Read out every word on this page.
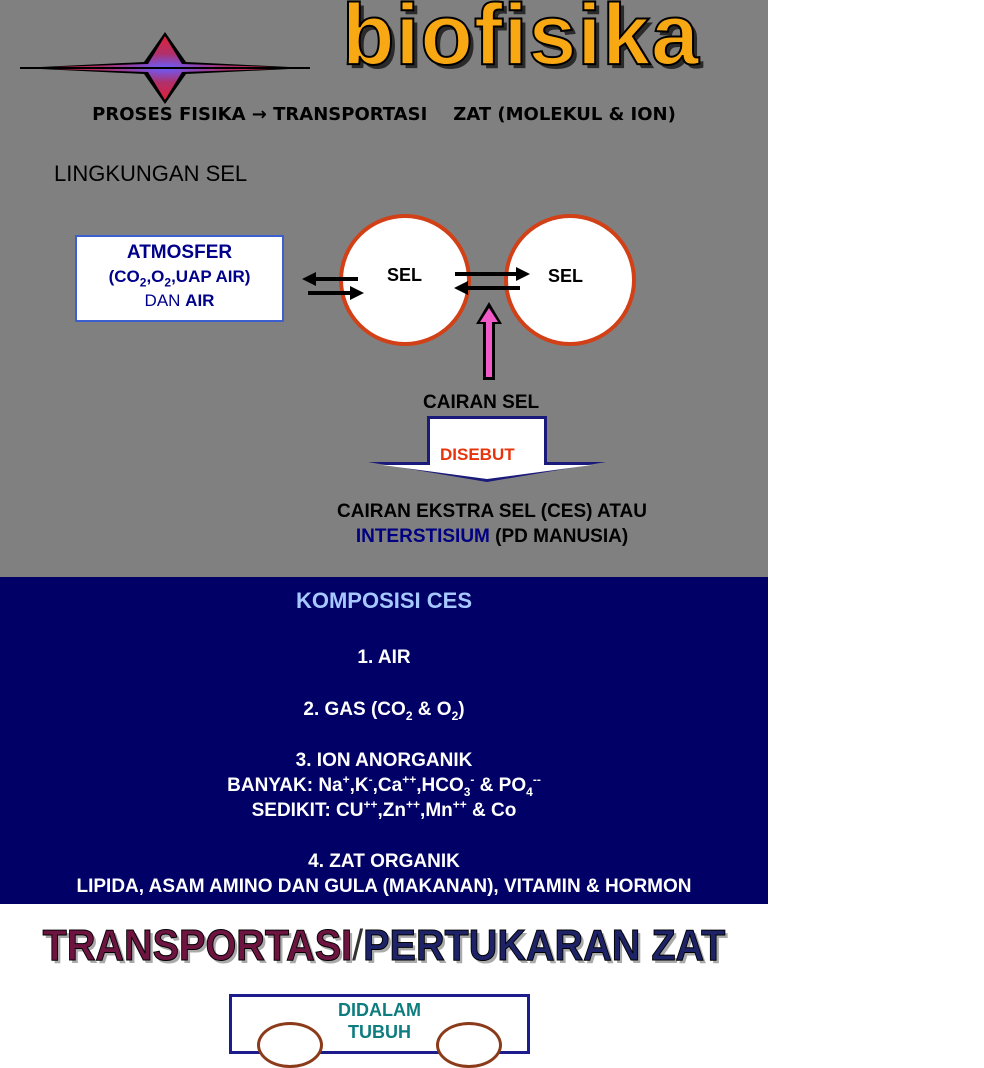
biofisika
PROSES FISIKA → TRANSPORTASI ZAT (MOLEKUL & ION)
LINGKUNGAN SEL
ATMOSFER
($CO_2,O_2,UAP$ AIR)
DAN AIR
SEL	SEL
CAIRAN SEL
DISEBUT
CAIRAN EKSTRA SEL (CES) ATAU
INTERSTISIUM (PD MANUSIA)
KOMPOSISI CES
1. AIR
2. GAS ($CO_2$ & $O_2$)
3. ION ANORGANIK
BANYAK: $Na^+,K^-,Ca^{++},HCO_3^-$ & $PO_4^{--}$
SEDIKIT: CU++,Zn++,Mn++ & Co
4. ZAT ORGANIK
LIPIDA, ASAM AMINO DAN GULA (MAKANAN), VITAMIN & HORMON
TRANSPORTASI/PERTUKARAN ZAT
DIDALAM
TUBUH
